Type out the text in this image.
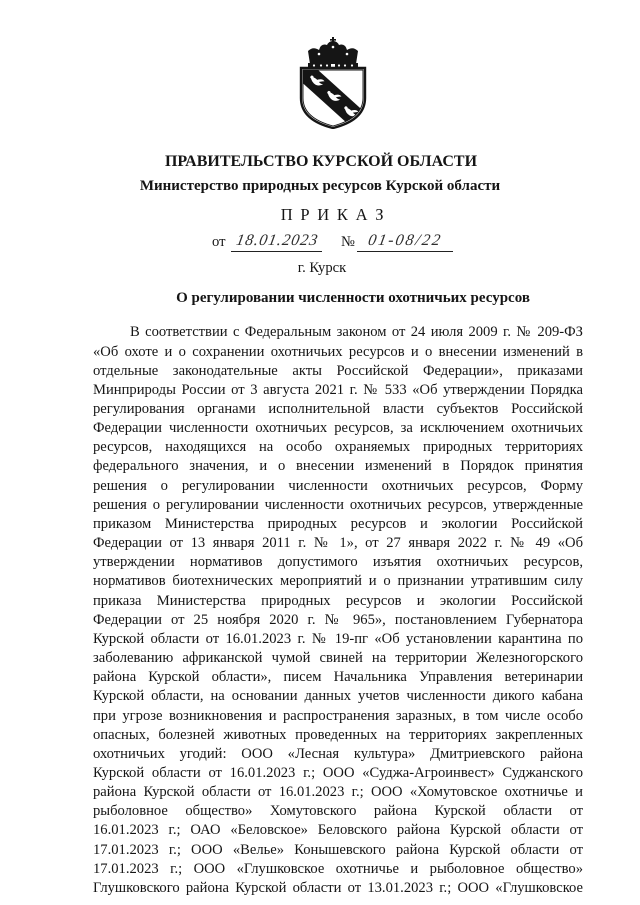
ПРАВИТЕЛЬСТВО КУРСКОЙ ОБЛАСТИ
Министерство природных ресурсов Курской области
П Р И К А З
от 18.01.2023 № 01-08/22
г. Курск
О регулировании численности охотничьих ресурсов
В соответствии с Федеральным законом от 24 июля 2009 г. № 209-ФЗ
«Об охоте и о сохранении охотничьих ресурсов и о внесении изменений в
отдельные законодательные акты Российской Федерации», приказами
Минприроды России от 3 августа 2021 г. № 533 «Об утверждении Порядка
регулирования органами исполнительной власти субъектов Российской
Федерации численности охотничьих ресурсов, за исключением охотничьих
ресурсов, находящихся на особо охраняемых природных территориях
федерального значения, и о внесении изменений в Порядок принятия
решения о регулировании численности охотничьих ресурсов, Форму
решения о регулировании численности охотничьих ресурсов, утвержденные
приказом Министерства природных ресурсов и экологии Российской
Федерации от 13 января 2011 г. № 1», от 27 января 2022 г. № 49 «Об
утверждении нормативов допустимого изъятия охотничьих ресурсов,
нормативов биотехнических мероприятий и о признании утратившим силу
приказа Министерства природных ресурсов и экологии Российской
Федерации от 25 ноября 2020 г. № 965», постановлением Губернатора
Курской области от 16.01.2023 г. № 19-пг «Об установлении карантина по
заболеванию африканской чумой свиней на территории Железногорского
района Курской области», писем Начальника Управления ветеринарии
Курской области, на основании данных учетов численности дикого кабана
при угрозе возникновения и распространения заразных, в том числе особо
опасных, болезней животных проведенных на территориях закрепленных
охотничьих угодий: ООО «Лесная культура» Дмитриевского района
Курской области от 16.01.2023 г.; ООО «Суджа-Агроинвест» Суджанского
района Курской области от 16.01.2023 г.; ООО «Хомутовское охотничье и
рыболовное общество» Хомутовского района Курской области от
16.01.2023 г.; ОАО «Беловское» Беловского района Курской области от
17.01.2023 г.; ООО «Велье» Конышевского района Курской области от
17.01.2023 г.; ООО «Глушковское охотничье и рыболовное общество»
Глушковского района Курской области от 13.01.2023 г.; ООО «Глушковское
